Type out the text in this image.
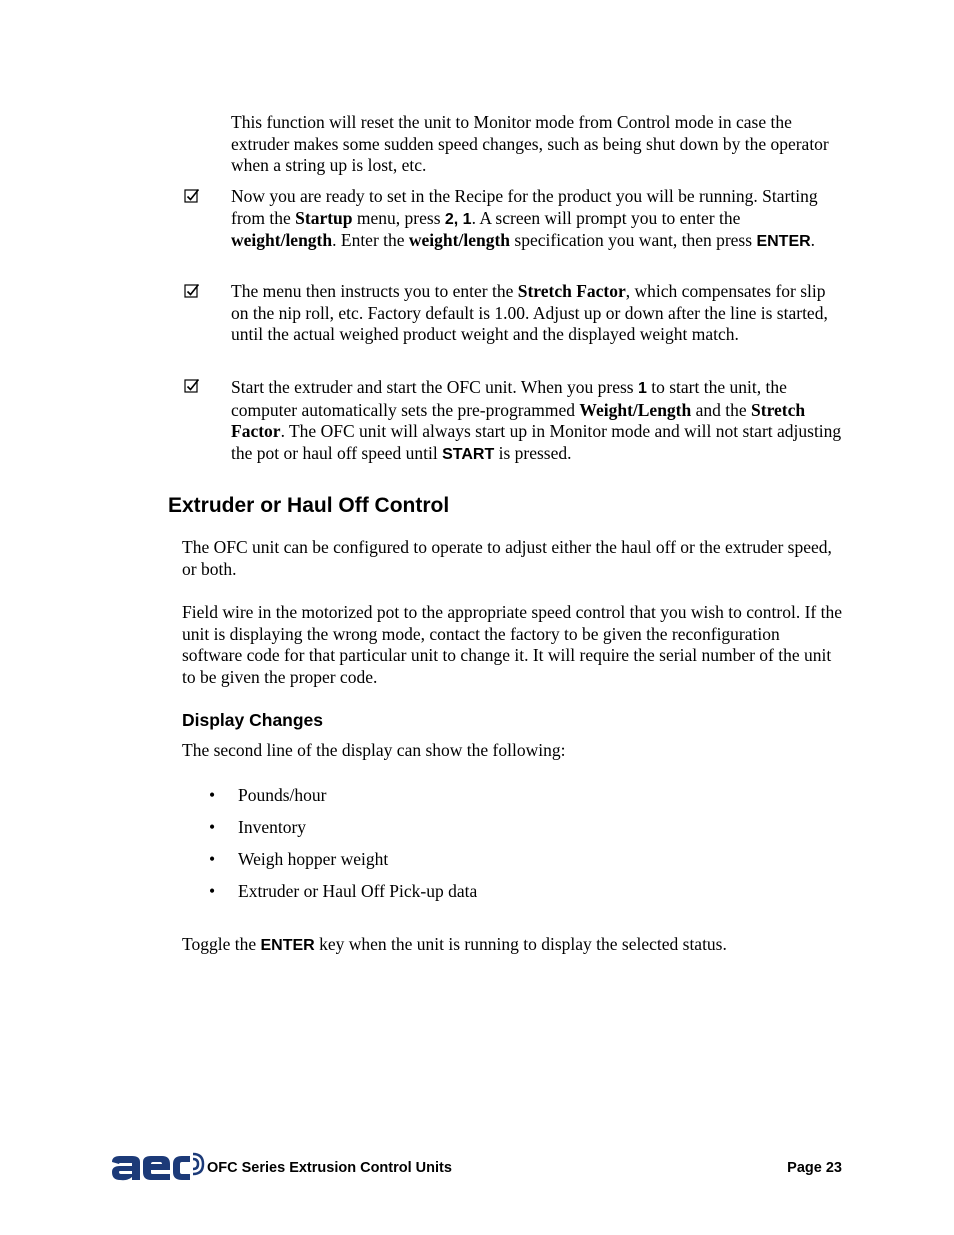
This function will reset the unit to Monitor mode from Control mode in case the extruder makes some sudden speed changes, such as being shut down by the operator when a string up is lost, etc.
Now you are ready to set in the Recipe for the product you will be running. Starting from the Startup menu, press 2, 1. A screen will prompt you to enter the weight/length. Enter the weight/length specification you want, then press ENTER.
The menu then instructs you to enter the Stretch Factor, which compensates for slip on the nip roll, etc. Factory default is 1.00. Adjust up or down after the line is started, until the actual weighed product weight and the displayed weight match.
Start the extruder and start the OFC unit. When you press 1 to start the unit, the computer automatically sets the pre-programmed Weight/Length and the Stretch Factor. The OFC unit will always start up in Monitor mode and will not start adjusting the pot or haul off speed until START is pressed.
Extruder or Haul Off Control
The OFC unit can be configured to operate to adjust either the haul off or the extruder speed, or both.
Field wire in the motorized pot to the appropriate speed control that you wish to control. If the unit is displaying the wrong mode, contact the factory to be given the reconfiguration software code for that particular unit to change it. It will require the serial number of the unit to be given the proper code.
Display Changes
The second line of the display can show the following:
• Pounds/hour
• Inventory
• Weigh hopper weight
• Extruder or Haul Off Pick-up data
Toggle the ENTER key when the unit is running to display the selected status.
OFC Series Extrusion Control Units	Page 23
